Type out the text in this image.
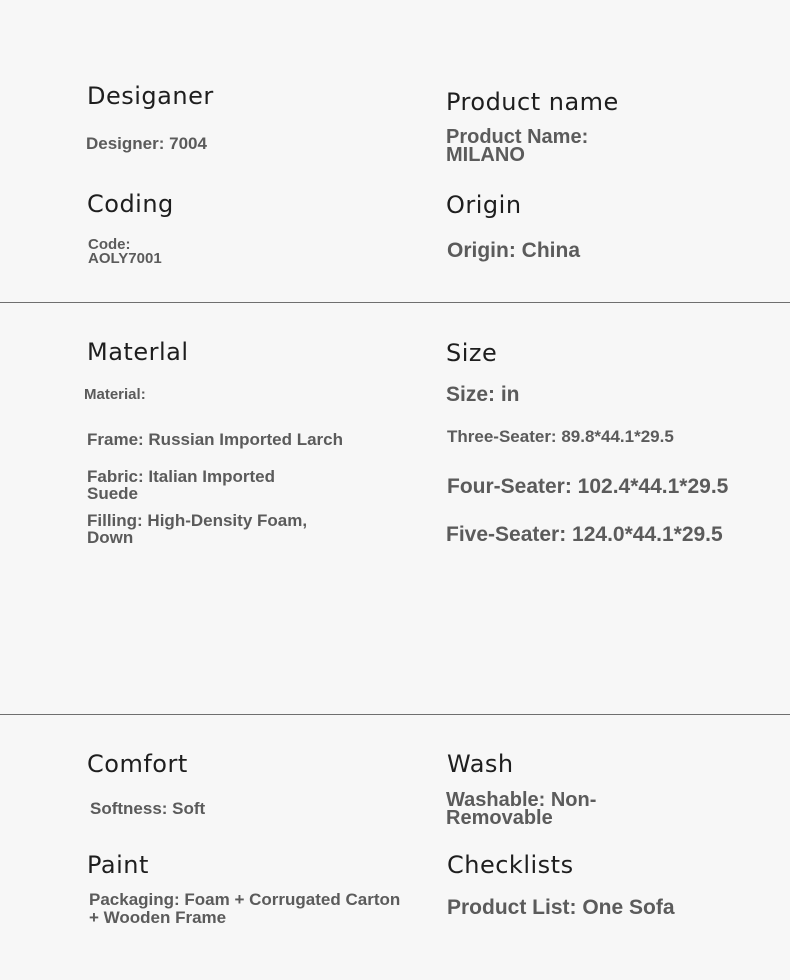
Desiganer
Designer: 7004
Product name
Product Name: MILANO
Coding
Code: AOLY7001
Origin
Origin: China
Materlal
Material:
Frame: Russian Imported Larch
Fabric: Italian Imported Suede
Filling: High-Density Foam, Down
Size
Size: in
Three-Seater: 89.8*44.1*29.5
Four-Seater: 102.4*44.1*29.5
Five-Seater: 124.0*44.1*29.5
Comfort
Softness: Soft
Wash
Washable: Non-Removable
Paint
Packaging: Foam + Corrugated Carton + Wooden Frame
Checklists
Product List: One Sofa
